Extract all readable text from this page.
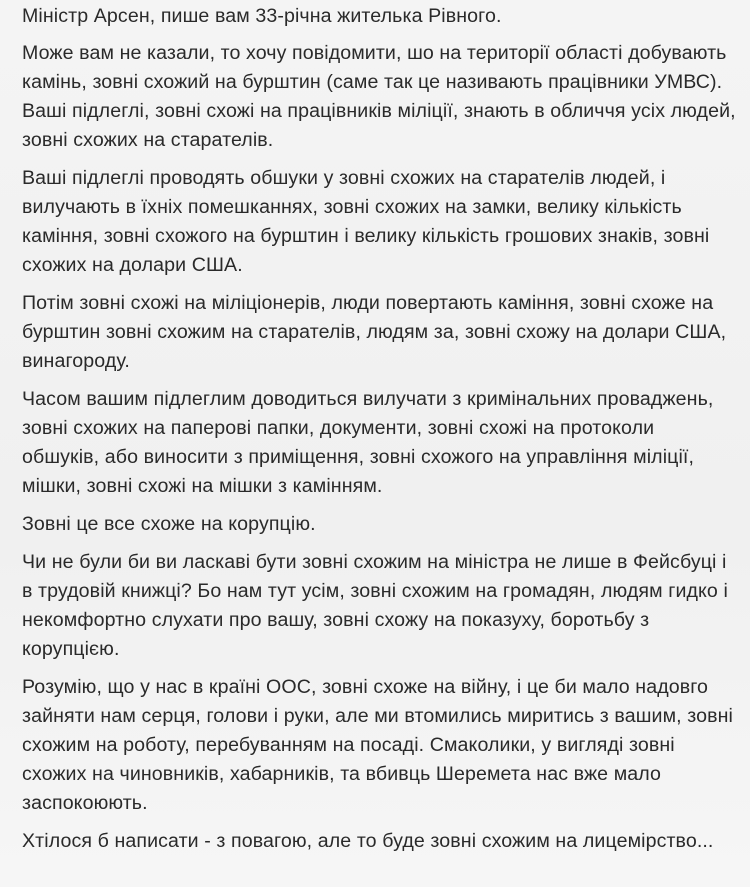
Міністр Арсен, пише вам 33-річна жителька Рівного.

Може вам не казали, то хочу повідомити, шо на території області добувають камінь, зовні схожий на бурштин (саме так це називають працівники УМВС). Ваші підлеглі, зовні схожі на працівників міліції, знають в обличчя усіх людей, зовні схожих на старателів.

Ваші підлеглі проводять обшуки у зовні схожих на старателів людей, і вилучають в їхніх помешканнях, зовні схожих на замки, велику кількість каміння, зовні схожого на бурштин і велику кількість грошових знаків, зовні схожих на долари США.

Потім зовні схожі на міліціонерів, люди повертають каміння, зовні схоже на бурштин зовні схожим на старателів, людям за, зовні схожу на долари США, винагороду.

Часом вашим підлеглим доводиться вилучати з кримінальних проваджень, зовні схожих на паперові папки, документи, зовні схожі на протоколи обшуків, або виносити з приміщення, зовні схожого на управління міліції, мішки, зовні схожі на мішки з камінням.

Зовні це все схоже на корупцію.

Чи не були би ви ласкаві бути зовні схожим на міністра не лише в Фейсбуці і в трудовій книжці? Бо нам тут усім, зовні схожим на громадян, людям гидко і некомфортно слухати про вашу, зовні схожу на показуху, боротьбу з корупцією.

Розумію, що у нас в країні ООС, зовні схоже на війну, і це би мало надовго зайняти нам серця, голови і руки, але ми втомились миритись з вашим, зовні схожим на роботу, перебуванням на посаді. Смаколики, у вигляді зовні схожих на чиновників, хабарників, та вбивць Шеремета нас вже мало заспокоюють.

Хтілося б написати - з повагою, але то буде зовні схожим на лицемірство...
